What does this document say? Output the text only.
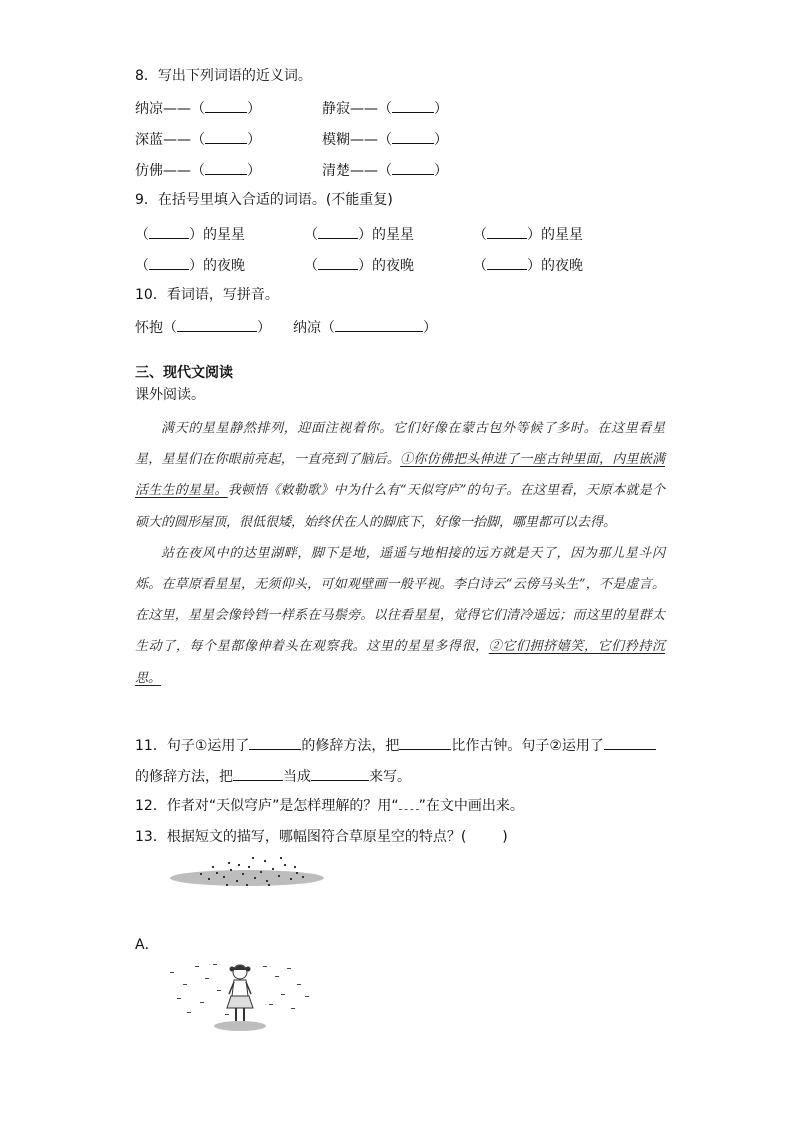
8．写出下列词语的近义词。
纳凉——（	）	静寂——（	）
深蓝——（	）	模糊——（	）
仿佛——（	）	清楚——（	）
9．在括号里填入合适的词语。(不能重复)
（	）的星星	（	）的星星	（	）的星星
（	）的夜晚	（	）的夜晚	（	）的夜晚
10．看词语，写拼音。
怀抱（	） 纳凉（	）
三、现代文阅读
课外阅读。

满天的星星静然排列，迎面注视着你。它们好像在蒙古包外等候了多时。在这里看星星，星星们在你眼前亮起，一直亮到了脑后。①你仿佛把头伸进了一座古钟里面，内里嵌满活生生的星星。我顿悟《敕勒歌》中为什么有“天似穹庐”的句子。在这里看，天原本就是个硕大的圆形屋顶，很低很矮，始终伏在人的脚底下，好像一抬脚，哪里都可以去得。

站在夜风中的达里湖畔，脚下是地，遥遥与地相接的远方就是天了，因为那儿星斗闪烁。在草原看星星，无须仰头，可如观壁画一般平视。李白诗云“云傍马头生”，不是虚言。在这里，星星会像铃铛一样系在马鬃旁。以往看星星，觉得它们清冷遥远；而这里的星群太生动了，每个星都像伸着头在观察我。这里的星星多得很，②它们拥挤嬉笑，它们矜持沉思。

11．句子①运用了	的修辞方法，把	比作古钟。句子②运用了
的修辞方法，把	当成	来写。
12．作者对“天似穹庐”是怎样理解的？用“ ”在文中画出来。
13．根据短文的描写，哪幅图符合草原星空的特点？(	)
A．
